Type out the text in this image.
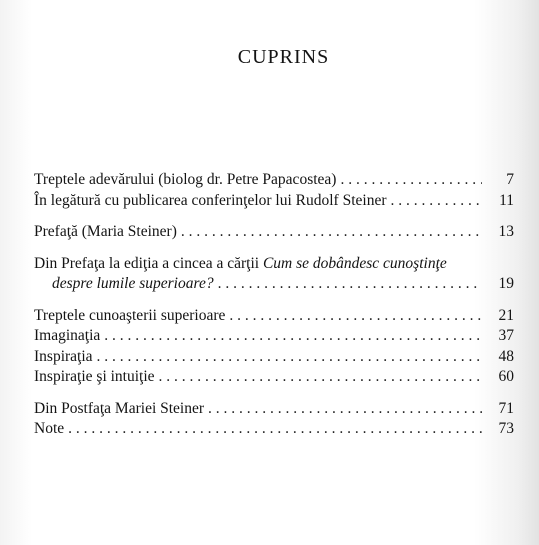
CUPRINS
Treptele adevărului (biolog dr. Petre Papacostea) . . .	7
În legătură cu publicarea conferinţelor lui Rudolf Steiner . . .	11
Prefaţă (Maria Steiner) . . .	13
Din Prefaţa la ediţia a cincea a cărţii Cum se dobândesc cunoştinţe
despre lumile superioare? . . .	19
Treptele cunoaşterii superioare . . .	21
Imaginaţia . . .	37
Inspiraţia . . .	48
Inspiraţie şi intuiţie . . .	60
Din Postfaţa Mariei Steiner . . .	71
Note . . .	73
